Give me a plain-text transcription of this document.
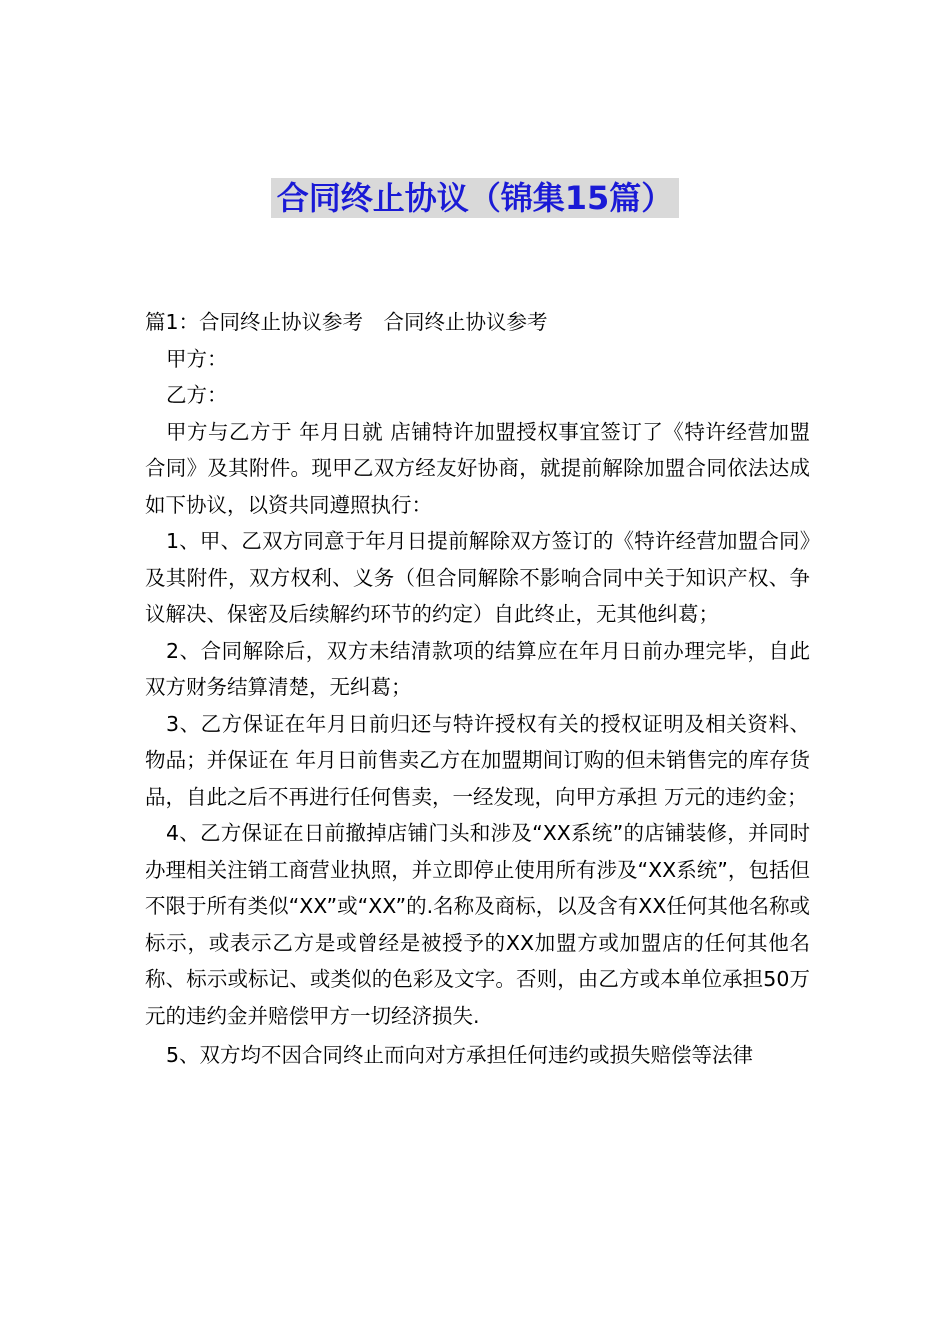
合同终止协议（锦集15篇）

篇1：合同终止协议参考　合同终止协议参考

甲方：

乙方：

甲方与乙方于 年月日就 店铺特许加盟授权事宜签订了《特许经营加盟合同》及其附件。现甲乙双方经友好协商，就提前解除加盟合同依法达成如下协议，以资共同遵照执行：

1、甲、乙双方同意于年月日提前解除双方签订的《特许经营加盟合同》及其附件，双方权利、义务（但合同解除不影响合同中关于知识产权、争议解决、保密及后续解约环节的约定）自此终止，无其他纠葛；

2、合同解除后，双方未结清款项的结算应在年月日前办理完毕，自此双方财务结算清楚，无纠葛；

3、乙方保证在年月日前归还与特许授权有关的授权证明及相关资料、物品；并保证在 年月日前售卖乙方在加盟期间订购的但未销售完的库存货品，自此之后不再进行任何售卖，一经发现，向甲方承担 万元的违约金；

4、乙方保证在日前撤掉店铺门头和涉及“XX系统”的店铺装修，并同时办理相关注销工商营业执照，并立即停止使用所有涉及“XX系统”，包括但不限于所有类似“XX”或“XX”的.名称及商标，以及含有XX任何其他名称或标示，或表示乙方是或曾经是被授予的XX加盟方或加盟店的任何其他名称、标示或标记、或类似的色彩及文字。否则，由乙方或本单位承担50万元的违约金并赔偿甲方一切经济损失.

5、双方均不因合同终止而向对方承担任何违约或损失赔偿等法律
